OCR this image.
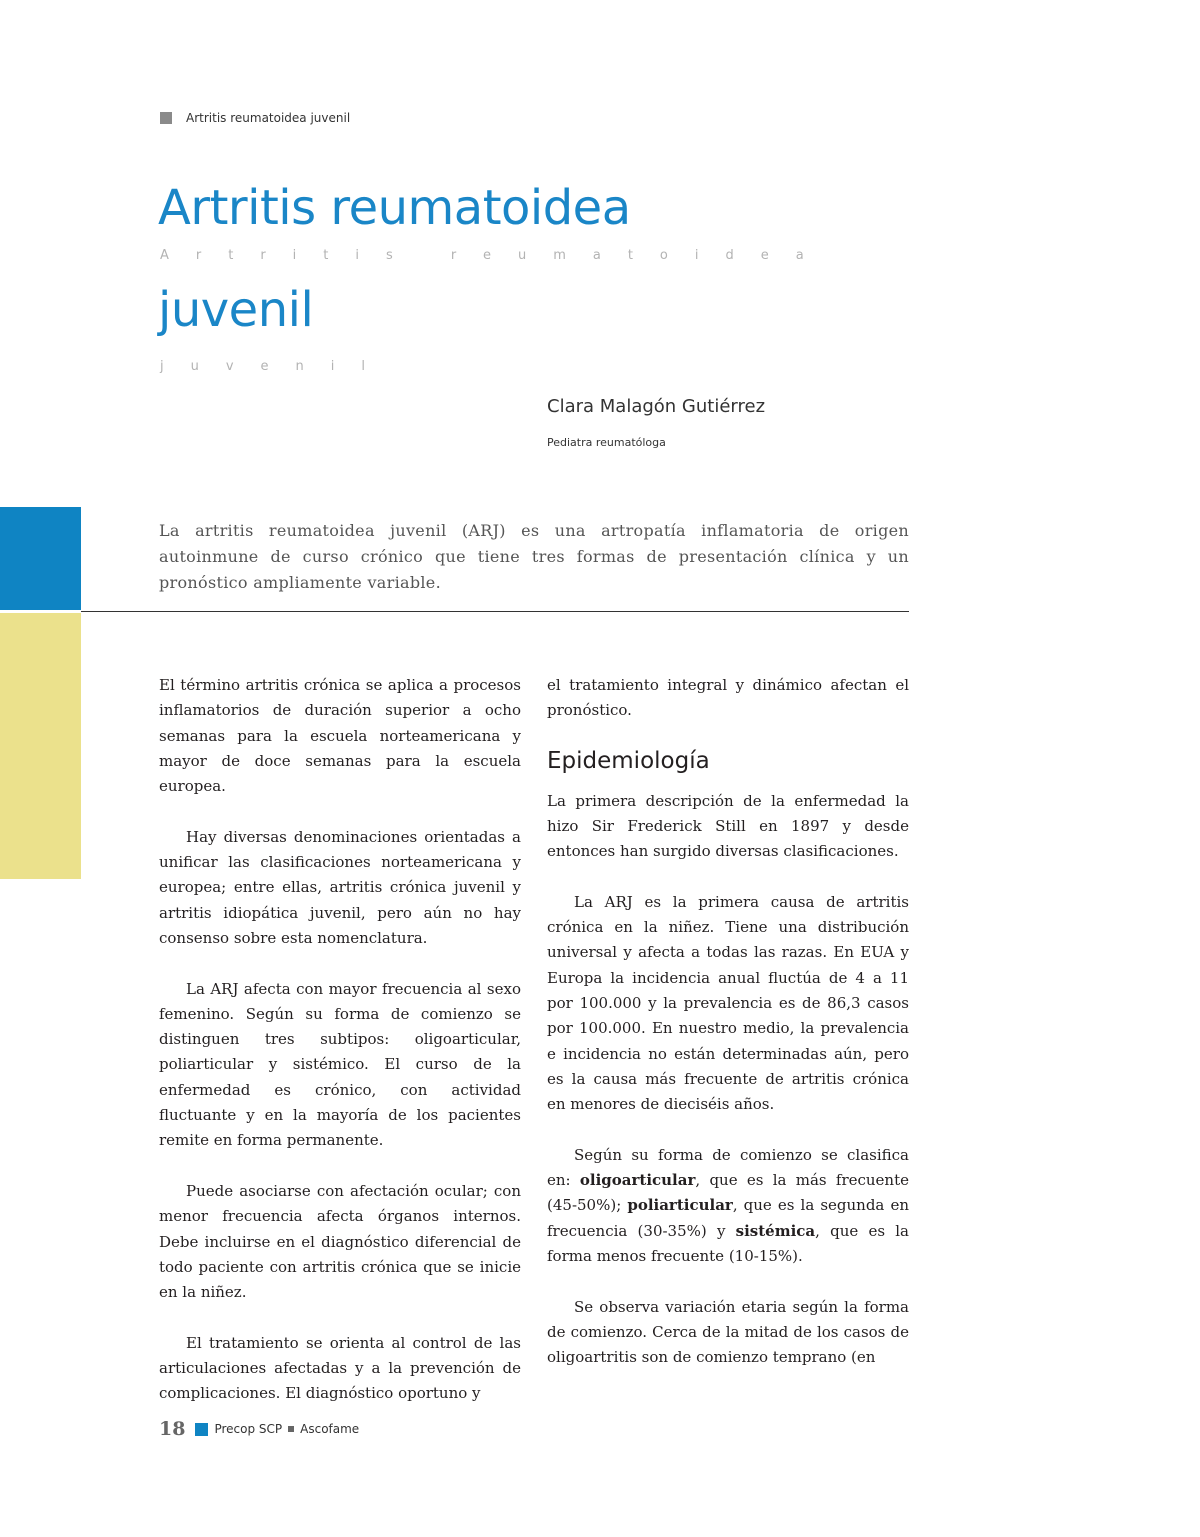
Artritis reumatoidea juvenil
Artritis reumatoidea
Artritis reumatoidea
juvenil
juvenil
Clara Malagón Gutiérrez
Pediatra reumatóloga
La artritis reumatoidea juvenil (ARJ) es una artropatía inflamatoria de origen autoinmune de curso crónico que tiene tres formas de presentación clínica y un pronóstico ampliamente variable.

El término artritis crónica se aplica a procesos inflamatorios de duración superior a ocho semanas para la escuela norteamericana y mayor de doce semanas para la escuela europea.

Hay diversas denominaciones orientadas a unificar las clasificaciones norteamericana y europea; entre ellas, artritis crónica juvenil y artritis idiopática juvenil, pero aún no hay consenso sobre esta nomenclatura.

La ARJ afecta con mayor frecuencia al sexo femenino. Según su forma de comienzo se distinguen tres subtipos: oligoarticular, poliarticular y sistémico. El curso de la enfermedad es crónico, con actividad fluctuante y en la mayoría de los pacientes remite en forma permanente.

Puede asociarse con afectación ocular; con menor frecuencia afecta órganos internos. Debe incluirse en el diagnóstico diferencial de todo paciente con artritis crónica que se inicie en la niñez.

El tratamiento se orienta al control de las articulaciones afectadas y a la prevención de complicaciones. El diagnóstico oportuno y

el tratamiento integral y dinámico afectan el pronóstico.

Epidemiología

La primera descripción de la enfermedad la hizo Sir Frederick Still en 1897 y desde entonces han surgido diversas clasificaciones.

La ARJ es la primera causa de artritis crónica en la niñez. Tiene una distribución universal y afecta a todas las razas. En EUA y Europa la incidencia anual fluctúa de 4 a 11 por 100.000 y la prevalencia es de 86,3 casos por 100.000. En nuestro medio, la prevalencia e incidencia no están determinadas aún, pero es la causa más frecuente de artritis crónica en menores de dieciséis años.

Según su forma de comienzo se clasifica en: oligoarticular, que es la más frecuente (45-50%); poliarticular, que es la segunda en frecuencia (30-35%) y sistémica, que es la forma menos frecuente (10-15%).

Se observa variación etaria según la forma de comienzo. Cerca de la mitad de los casos de oligoartritis son de comienzo temprano (en

18 Precop SCP Ascofame
